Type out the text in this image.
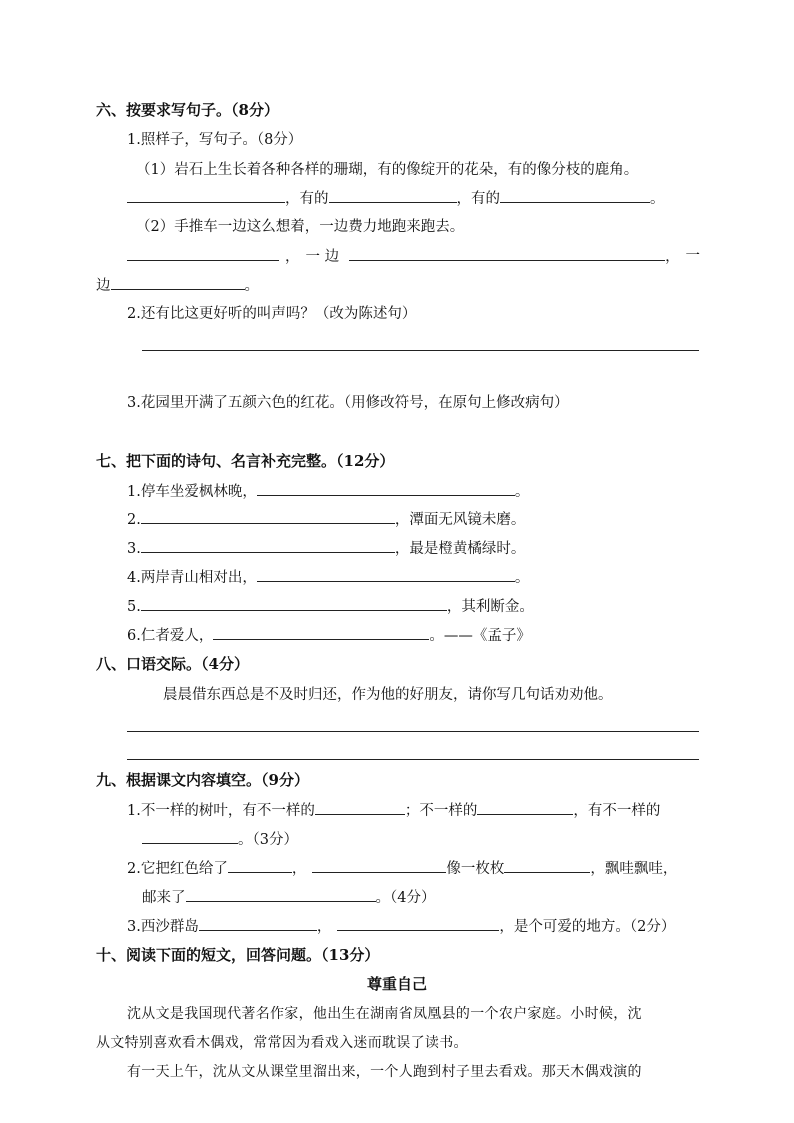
六、按要求写句子。（8分）
1.照样子，写句子。（8分）
（1）岩石上生长着各种各样的珊瑚，有的像绽开的花朵，有的像分枝的鹿角。
，有的	，有的	。
（2）手推车一边这么想着，一边费力地跑来跑去。
， 一 边	， 一
边	。
2.还有比这更好听的叫声吗？（改为陈述句）
3.花园里开满了五颜六色的红花。（用修改符号，在原句上修改病句）
七、把下面的诗句、名言补充完整。（12分）
1.停车坐爱枫林晚，	。
2.	，潭面无风镜未磨。
3.	，最是橙黄橘绿时。
4.两岸青山相对出，	。
5.	，其利断金。
6.仁者爱人，	。——《孟子》
八、口语交际。（4分）
晨晨借东西总是不及时归还，作为他的好朋友，请你写几句话劝劝他。
九、根据课文内容填空。（9分）
1.不一样的树叶，有不一样的	；不一样的	，有不一样的
。（3分）
2.它把红色给了	，	像一枚枚	，飘哇飘哇，
邮来了	。（4分）
3.西沙群岛	，	，是个可爱的地方。（2分）
十、阅读下面的短文，回答问题。（13分）
尊重自己
沈从文是我国现代著名作家，他出生在湖南省凤凰县的一个农户家庭。小时候，沈
从文特别喜欢看木偶戏，常常因为看戏入迷而耽误了读书。
有一天上午，沈从文从课堂里溜出来，一个人跑到村子里去看戏。那天木偶戏演的
